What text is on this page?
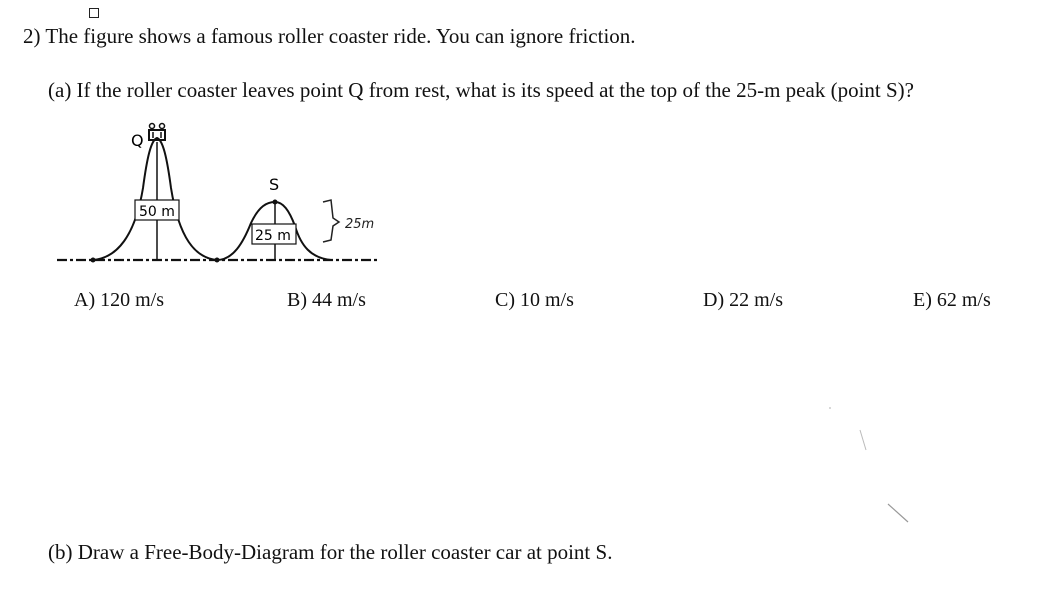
2) The figure shows a famous roller coaster ride. You can ignore friction.
(a) If the roller coaster leaves point Q from rest, what is its speed at the top of the 25-m peak (point S)?
Q
50 m
S
25 m
25m
A) 120 m/s	B) 44 m/s	C) 10 m/s	D) 22 m/s	E) 62 m/s
(b) Draw a Free-Body-Diagram for the roller coaster car at point S.
